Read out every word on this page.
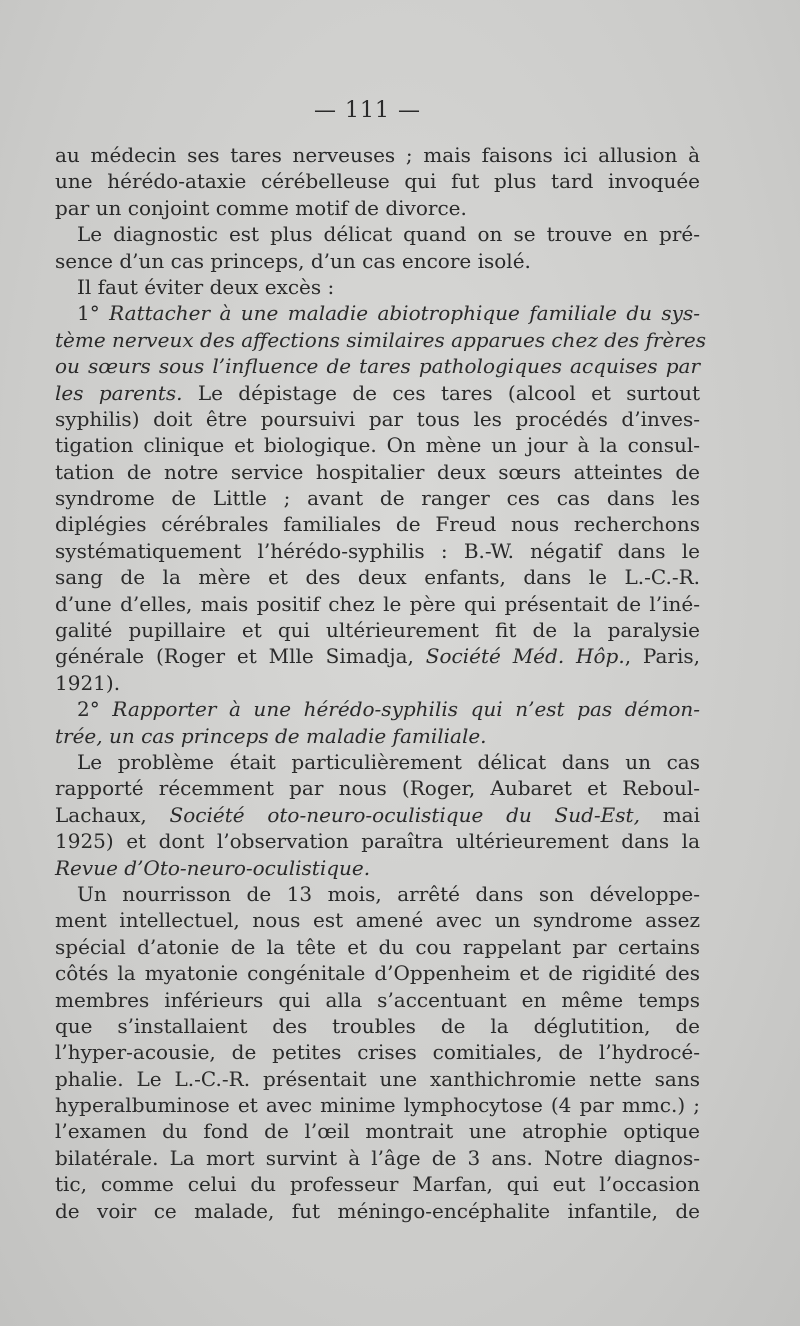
— 111 —
au médecin ses tares nerveuses ; mais faisons ici allusion à
une hérédo-ataxie cérébelleuse qui fut plus tard invoquée
par un conjoint comme motif de divorce.
Le diagnostic est plus délicat quand on se trouve en pré-
sence d’un cas princeps, d’un cas encore isolé.
Il faut éviter deux excès :
1° Rattacher à une maladie abiotrophique familiale du sys-
tème nerveux des affections similaires apparues chez des frères
ou sœurs sous l’influence de tares pathologiques acquises par
les parents. Le dépistage de ces tares (alcool et surtout
syphilis) doit être poursuivi par tous les procédés d’inves-
tigation clinique et biologique. On mène un jour à la consul-
tation de notre service hospitalier deux sœurs atteintes de
syndrome de Little ; avant de ranger ces cas dans les
diplégies cérébrales familiales de Freud nous recherchons
systématiquement l’hérédo-syphilis : B.-W. négatif dans le
sang de la mère et des deux enfants, dans le L.-C.-R.
d’une d’elles, mais positif chez le père qui présentait de l’iné-
galité pupillaire et qui ultérieurement fit de la paralysie
générale (Roger et Mlle Simadja, Société Méd. Hôp., Paris,
1921).
2° Rapporter à une hérédo-syphilis qui n’est pas démon-
trée, un cas princeps de maladie familiale.
Le problème était particulièrement délicat dans un cas
rapporté récemment par nous (Roger, Aubaret et Reboul-
Lachaux, Société oto-neuro-oculistique du Sud-Est, mai
1925) et dont l’observation paraîtra ultérieurement dans la
Revue d’Oto-neuro-oculistique.
Un nourrisson de 13 mois, arrêté dans son développe-
ment intellectuel, nous est amené avec un syndrome assez
spécial d’atonie de la tête et du cou rappelant par certains
côtés la myatonie congénitale d’Oppenheim et de rigidité des
membres inférieurs qui alla s’accentuant en même temps
que s’installaient des troubles de la déglutition, de
l’hyper-acousie, de petites crises comitiales, de l’hydrocé-
phalie. Le L.-C.-R. présentait une xanthichromie nette sans
hyperalbuminose et avec minime lymphocytose (4 par mmc.) ;
l’examen du fond de l’œil montrait une atrophie optique
bilatérale. La mort survint à l’âge de 3 ans. Notre diagnos-
tic, comme celui du professeur Marfan, qui eut l’occasion
de voir ce malade, fut méningo-encéphalite infantile, de
